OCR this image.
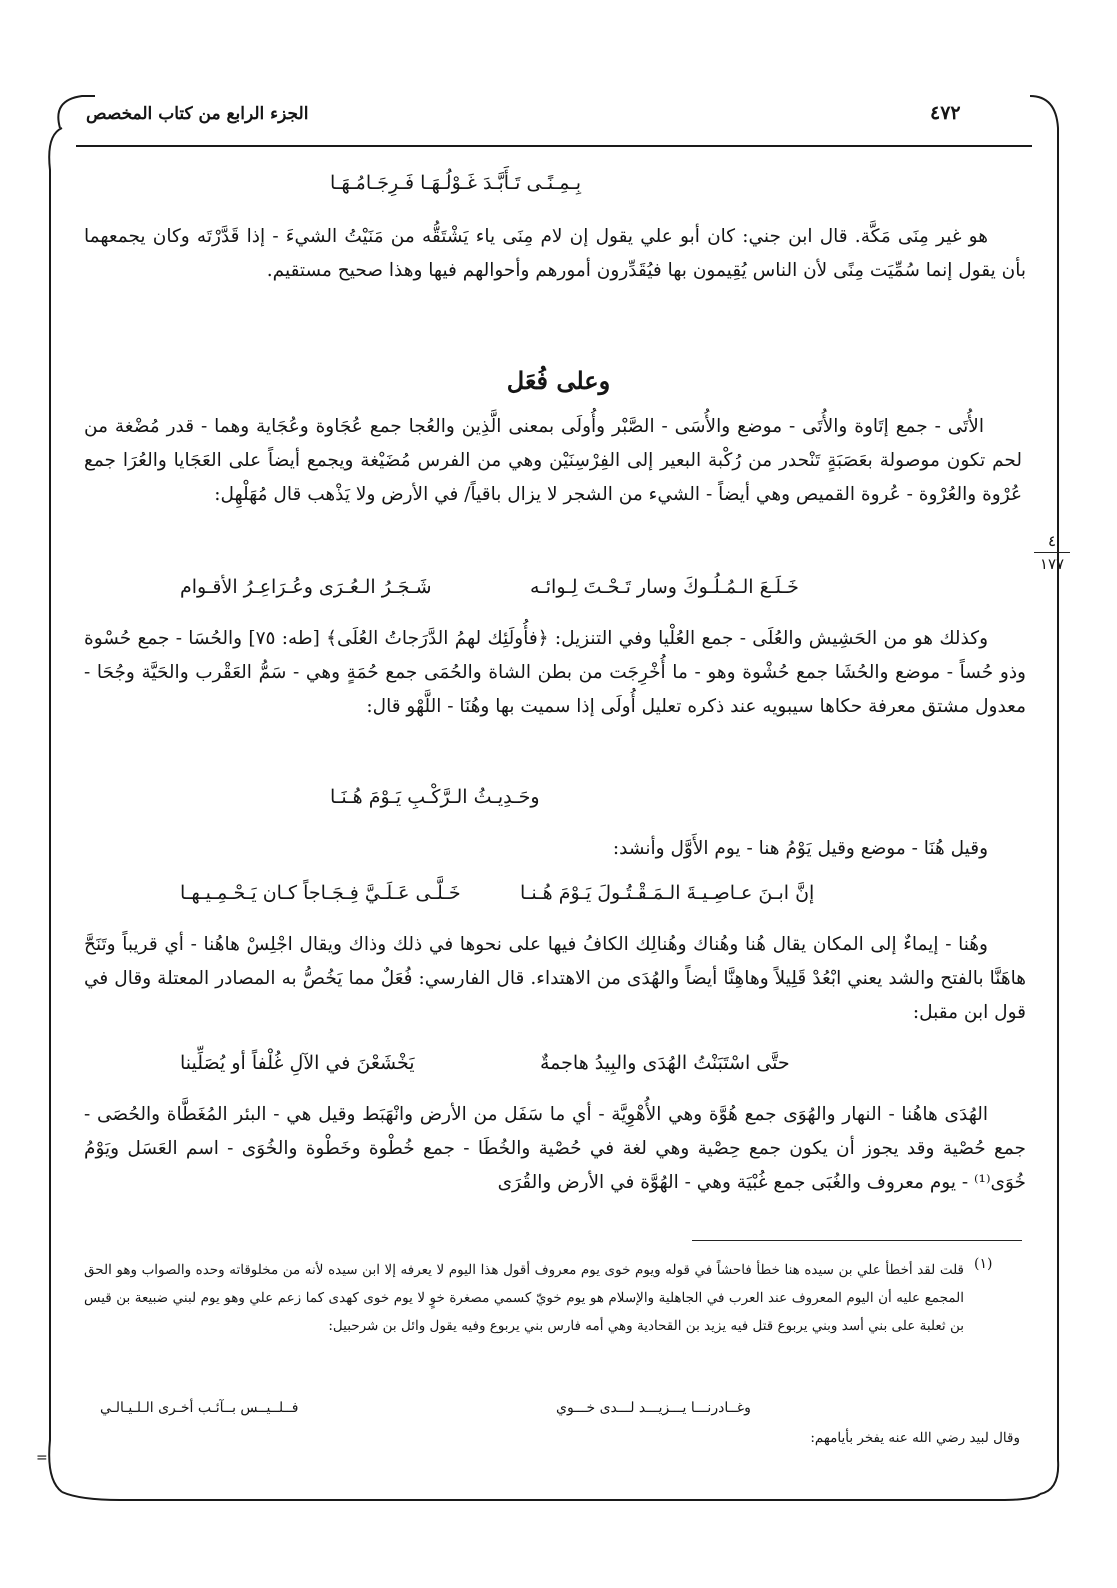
الجزء الرابع من كتاب المخصص	٤٧٢
بِـمِـنًـى تَـأَبَّـدَ غَـوْلُـهَـا فَـرِجَـامُـهَـا

هو غير مِنَى مَكَّة. قال ابن جني: كان أبو علي يقول إن لام مِنَى ياء يَشْتَقُّه من مَنَيْتُ الشيءَ - إذا قَدَّرْتَه وكان يجمعهما بأن يقول إنما سُمِّيَت مِنًى لأن الناس يُقِيمون بها فيُقَدِّرون أمورهم وأحوالهم فيها وهذا صحيح مستقيم.

وعلى فُعَل

الأُتَى - جمع إتَاوة والأُتَى - موضع والأُسَى - الصَّبْر وأُولَى بمعنى الَّذِين والعُجا جمع عُجَاوة وعُجَاية وهما - قدر مُضْغة من لحم تكون موصولة بعَصَبَةٍ تَنْحدر من رُكْبة البعير إلى الفِرْسِنَيْن وهي من الفرس مُضَيْغة ويجمع أيضاً على العَجَايا والعُرَا جمع عُرْوة والعُرْوة - عُروة القميص وهي أيضاً - الشيء من الشجر لا يزال باقياً/ في الأرض ولا يَذْهب قال مُهَلْهِل:

٤
١٧٧
خَـلَـعَ الـمُـلُـوكَ وسار تَـحْـتَ لِـوائـه
شَـجَـرُ الـعُـرَى وعُـرَاعِـرُ الأقـوام

وكذلك هو من الحَشِيش والعُلَى - جمع العُلْيا وفي التنزيل: ﴿فأُولَئِك لهمُ الدَّرَجاتُ العُلَى﴾ [طه: ٧٥] والحُسَا - جمع حُسْوة وذو حُساً - موضع والحُشَا جمع حُشْوة وهو - ما أُخْرِجَت من بطن الشاة والحُمَى جمع حُمَةٍ وهي - سَمُّ العَقْرب والحَيَّة وجُحَا - معدول مشتق معرفة حكاها سيبويه عند ذكره تعليل أُولَى إذا سميت بها وهُنَا - اللَّهْو قال:

وحَـدِيـثُ الـرَّكْـبِ يَـوْمَ هُـنَـا

وقيل هُنَا - موضع وقيل يَوْمُ هنا - يوم الأَوَّل وأنشد:

إنَّ ابـنَ عـاصِـيـةَ الـمَـقْـتُـولَ يَـوْمَ هُـنـا
خَـلَّـى عَـلَـيَّ فِـجَـاجاً كـان يَـحْـمِـيـهـا

وهُنا - إيماءٌ إلى المكان يقال هُنا وهُناك وهُنالِك الكافُ فيها على نحوها في ذلك وذاك ويقال اجْلِسْ هاهُنا - أي قريباً وتَنَحَّ هاهَنَّا بالفتح والشد يعني ابْعُدْ قَلِيلاً وهاهِنَّا أيضاً والهُدَى من الاهتداء. قال الفارسي: فُعَلٌ مما يَخُصُّ به المصادر المعتلة وقال في قول ابن مقبل:

حتَّى اسْتَبَنْتُ الهُدَى والبِيدُ هاجمةٌ
يَخْشَعْنَ في الآلِ غُلْفاً أو يُصَلِّينا

الهُدَى هاهُنا - النهار والهُوَى جمع هُوَّة وهي الأُهْوِيَّة - أي ما سَفَل من الأرض وانْهَبَط وقيل هي - البئر المُغَطَّاة والحُصَى - جمع حُصْية وقد يجوز أن يكون جمع حِصْية وهي لغة في حُصْية والخُطَا - جمع خُطْوة وخَطْوة والخُوَى - اسم العَسَل ويَوْمُ خُوَى⁽¹⁾ - يوم معروف والغُبَى جمع غُبْيَة وهي - الهُوَّة في الأرض والقُرَى

(١)
قلت لقد أخطأ علي بن سيده هنا خطأ فاحشاً في قوله ويوم خوى يوم معروف أقول هذا اليوم لا يعرفه إلا ابن سيده لأنه من مخلوقاته وحده والصواب وهو الحق المجمع عليه أن اليوم المعروف عند العرب في الجاهلية والإسلام هو يوم خويّ كسمي مصغرة خوٍ لا يوم خوى كهدى كما زعم علي وهو يوم لبني ضبيعة بن قيس بن ثعلبة على بني أسد وبني يربوع قتل فيه يزيد بن القحادية وهي أمه فارس بني يربوع وفيه يقول وائل بن شرحبيل:
وغــادرنـــا يـــزيـــد لـــدى خـــوي
فــلــيــس بــآئـب أخـرى الـلـيـالـي
وقال لبيد رضي الله عنه يفخر بأيامهم:
=
